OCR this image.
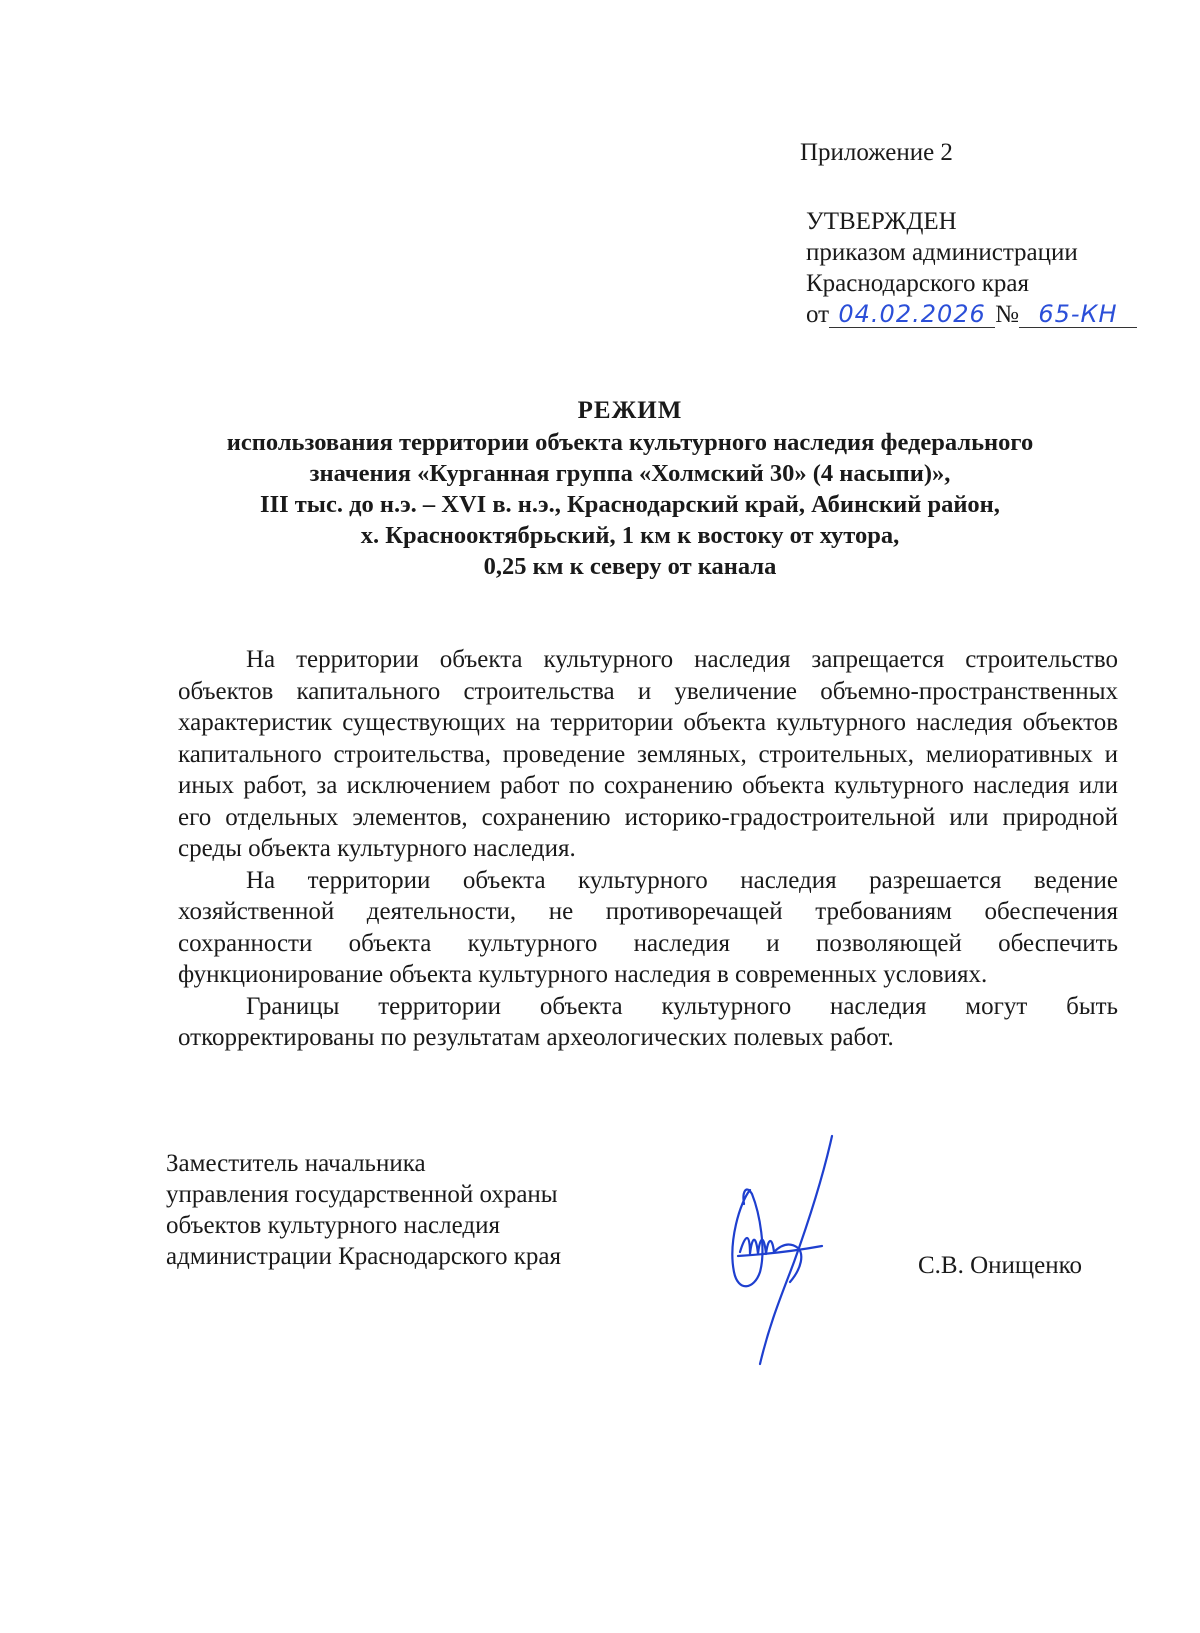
Приложение 2
УТВЕРЖДЕН
приказом администрации
Краснодарского края
от 04.02.2026 № 65-КН
РЕЖИМ
использования территории объекта культурного наследия федерального
значения «Курганная группа «Холмский 30» (4 насыпи)»,
III тыс. до н.э. – XVI в. н.э., Краснодарский край, Абинский район,
х. Краснооктябрьский, 1 км к востоку от хутора,
0,25 км к северу от канала

На территории объекта культурного наследия запрещается строительство объектов капитального строительства и увеличение объемно-пространственных характеристик существующих на территории объекта культурного наследия объектов капитального строительства, проведение земляных, строительных, мелиоративных и иных работ, за исключением работ по сохранению объекта культурного наследия или его отдельных элементов, сохранению историко-градостроительной или природной среды объекта культурного наследия.

На территории объекта культурного наследия разрешается ведение хозяйственной деятельности, не противоречащей требованиям обеспечения сохранности объекта культурного наследия и позволяющей обеспечить функционирование объекта культурного наследия в современных условиях.

Границы территории объекта культурного наследия могут быть откорректированы по результатам археологических полевых работ.

Заместитель начальника
управления государственной охраны
объектов культурного наследия
администрации Краснодарского края	С.В. Онищенко
